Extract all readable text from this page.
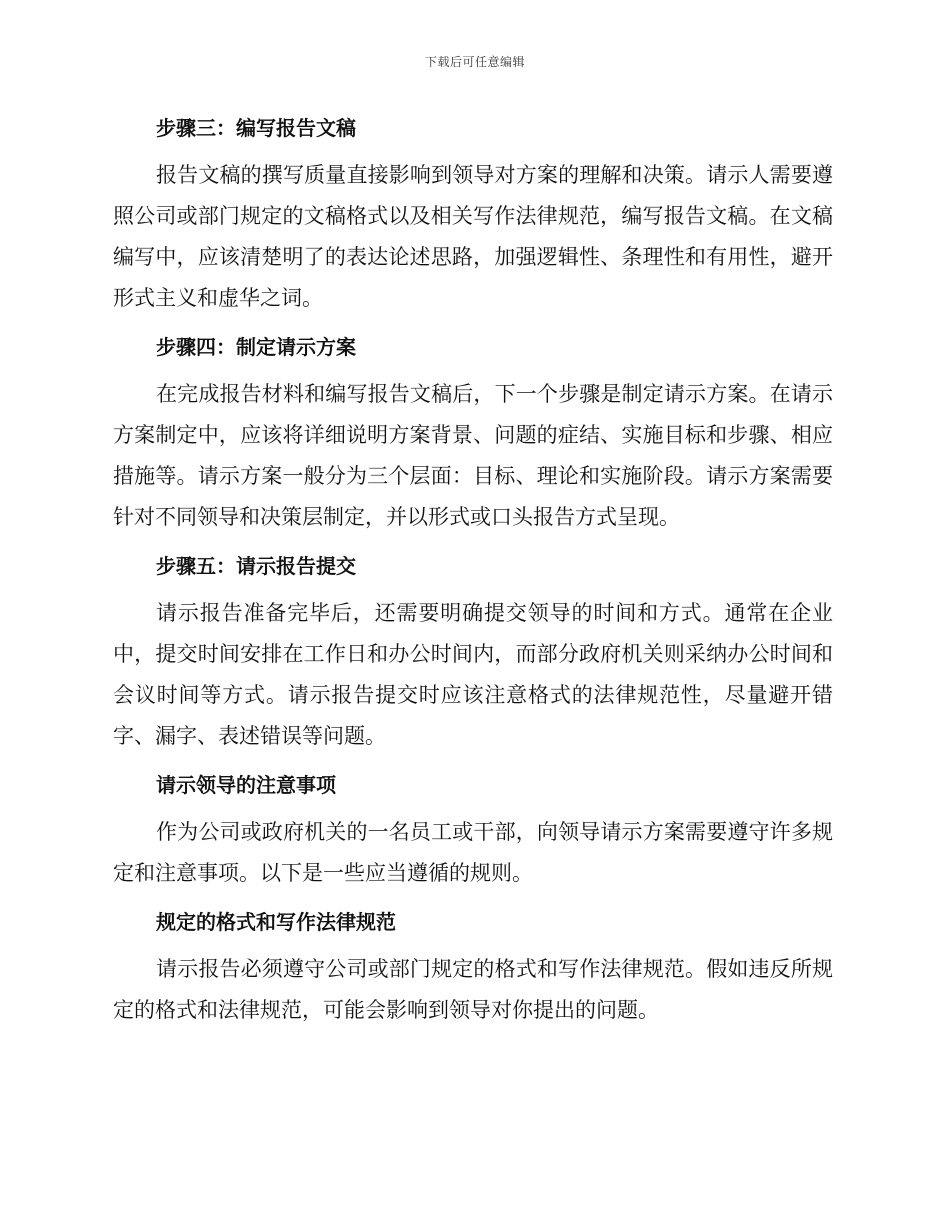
下载后可任意编辑
步骤三：编写报告文稿

报告文稿的撰写质量直接影响到领导对方案的理解和决策。请示人需要遵照公司或部门规定的文稿格式以及相关写作法律规范，编写报告文稿。在文稿编写中，应该清楚明了的表达论述思路，加强逻辑性、条理性和有用性，避开形式主义和虚华之词。

步骤四：制定请示方案

在完成报告材料和编写报告文稿后，下一个步骤是制定请示方案。在请示方案制定中，应该将详细说明方案背景、问题的症结、实施目标和步骤、相应措施等。请示方案一般分为三个层面：目标、理论和实施阶段。请示方案需要针对不同领导和决策层制定，并以形式或口头报告方式呈现。

步骤五：请示报告提交

请示报告准备完毕后，还需要明确提交领导的时间和方式。通常在企业中，提交时间安排在工作日和办公时间内，而部分政府机关则采纳办公时间和会议时间等方式。请示报告提交时应该注意格式的法律规范性，尽量避开错字、漏字、表述错误等问题。

请示领导的注意事项

作为公司或政府机关的一名员工或干部，向领导请示方案需要遵守许多规定和注意事项。以下是一些应当遵循的规则。

规定的格式和写作法律规范

请示报告必须遵守公司或部门规定的格式和写作法律规范。假如违反所规定的格式和法律规范，可能会影响到领导对你提出的问题。
